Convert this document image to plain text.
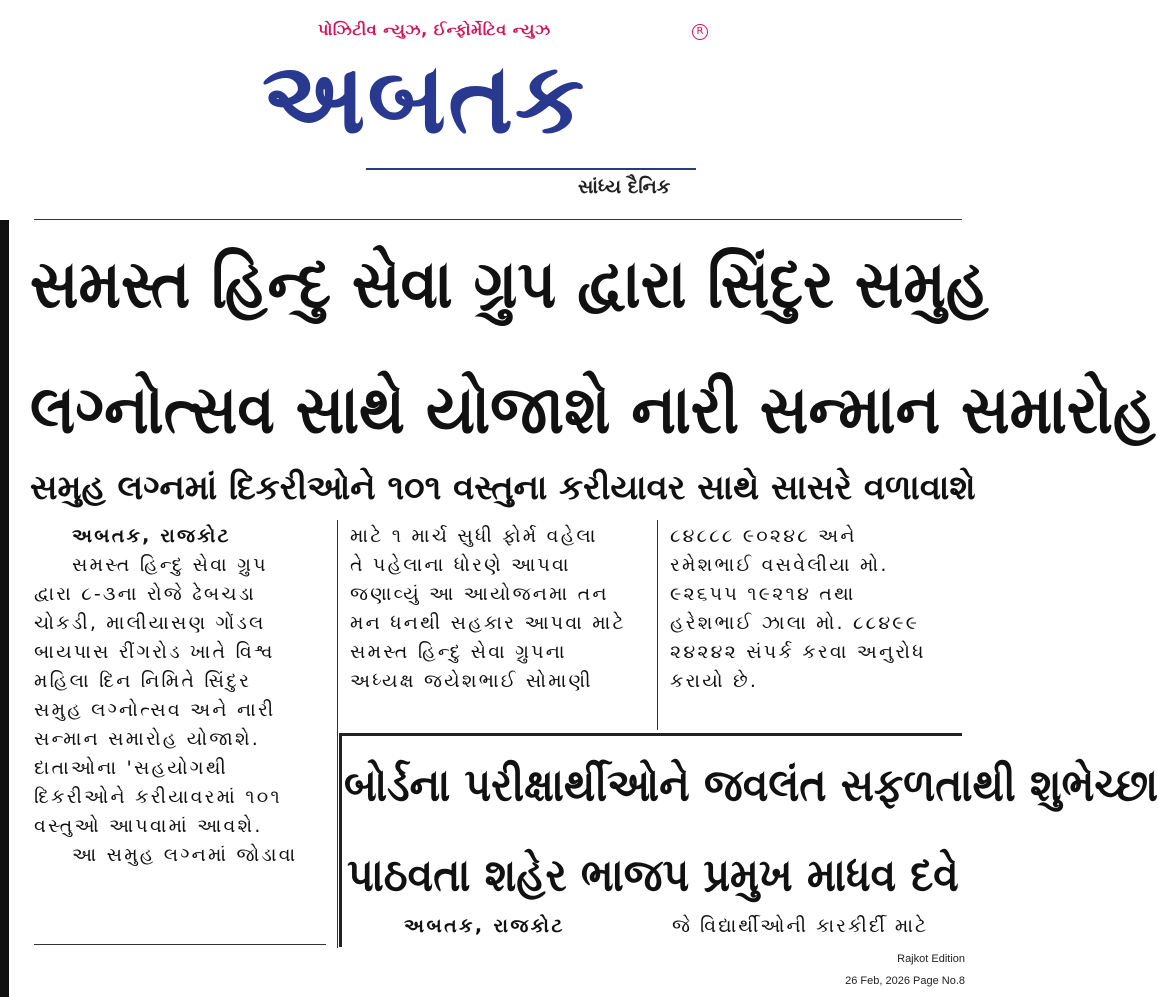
પોઝિટીવ ન્યુઝ, ઈન્ફોર્મેટિવ ન્યુઝ	R
અબતક
સાંધ્ય દૈનિક
સમસ્ત હિન્દુ સેવા ગ્રુપ દ્વારા સિંદુર સમુહ
લગ્નોત્સવ સાથે યોજાશે નારી સન્માન સમારોહ
સમુહ લગ્નમાં દિકરીઓને ૧૦૧ વસ્તુના કરીયાવર સાથે સાસરે વળાવાશે
અબતક, રાજકોટ
સમસ્ત હિન્દુ સેવા ગ્રુપ
દ્વારા ૮-૩ના રોજે ઢેબચડા
ચોકડી, માલીયાસણ ગોંડલ
બાયપાસ રીંગરોડ ખાતે વિશ્વ
મહિલા દિન નિમિતે સિંદુર
સમુહ લગ્નોત્સવ અને નારી
સન્માન સમારોહ યોજાશે.
દાતાઓના 'સહયોગથી
દિકરીઓને કરીયાવરમાં ૧૦૧
વસ્તુઓ આપવામાં આવશે.
આ સમુહ લગ્નમાં જોડાવા
માટે ૧ માર્ચ સુધી ફોર્મ વહેલા
તે પહેલાના ધોરણે આપવા
જણાવ્યું આ આયોજનમા તન
મન ધનથી સહકાર આપવા માટે
સમસ્ત હિન્દુ સેવા ગ્રુપના
અધ્યક્ષ જયેશભાઈ સોમાણી
૮૪૮૮૮ ૯૦૨૪૮ અને
રમેશભાઈ વસવેલીયા મો.
૯૨૬૫૫ ૧૯૨૧૪ તથા
હરેશભાઈ ઝાલા મો. ૮૮૪૯૯
૨૪૨૪૨ સંપર્ક કરવા અનુરોધ
કરાયો છે.
બોર્ડના પરીક્ષાર્થીઓને જવલંત સફળતાથી શુભેચ્છા
પાઠવતા શહેર ભાજપ પ્રમુખ માધવ દવે
અબતક, રાજકોટ	જે વિદ્યાર્થીઓની કારકીર્દી માટે
Rajkot Edition
26 Feb, 2026 Page No.8
